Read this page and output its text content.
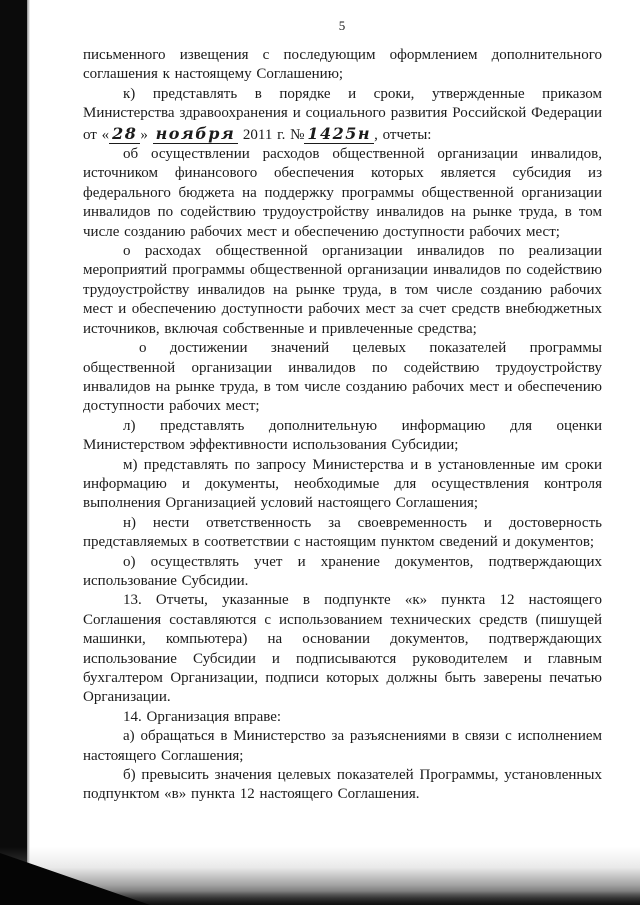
5

письменного извещения с последующим оформлением дополнительного соглашения к настоящему Соглашению;

к) представлять в порядке и сроки, утвержденные приказом Министерства здравоохранения и социального развития Российской Федерации от « 28 » ноября 2011 г. № 1425н , отчеты:

об осуществлении расходов общественной организации инвалидов, источником финансового обеспечения которых является субсидия из федерального бюджета на поддержку программы общественной организации инвалидов по содействию трудоустройству инвалидов на рынке труда, в том числе созданию рабочих мест и обеспечению доступности рабочих мест;

о расходах общественной организации инвалидов по реализации мероприятий программы общественной организации инвалидов по содействию трудоустройству инвалидов на рынке труда, в том числе созданию рабочих мест и обеспечению доступности рабочих мест за счет средств внебюджетных источников, включая собственные и привлеченные средства;

о достижении значений целевых показателей программы общественной организации инвалидов по содействию трудоустройству инвалидов на рынке труда, в том числе созданию рабочих мест и обеспечению доступности рабочих мест;

л) представлять дополнительную информацию для оценки Министерством эффективности использования Субсидии;

м) представлять по запросу Министерства и в установленные им сроки информацию и документы, необходимые для осуществления контроля выполнения Организацией условий настоящего Соглашения;

н) нести ответственность за своевременность и достоверность представляемых в соответствии с настоящим пунктом сведений и документов;

о) осуществлять учет и хранение документов, подтверждающих использование Субсидии.

13. Отчеты, указанные в подпункте «к» пункта 12 настоящего Соглашения составляются с использованием технических средств (пишущей машинки, компьютера) на основании документов, подтверждающих использование Субсидии и подписываются руководителем и главным бухгалтером Организации, подписи которых должны быть заверены печатью Организации.

14. Организация вправе:

а) обращаться в Министерство за разъяснениями в связи с исполнением настоящего Соглашения;

б) превысить значения целевых показателей Программы, установленных подпунктом «в» пункта 12 настоящего Соглашения.
